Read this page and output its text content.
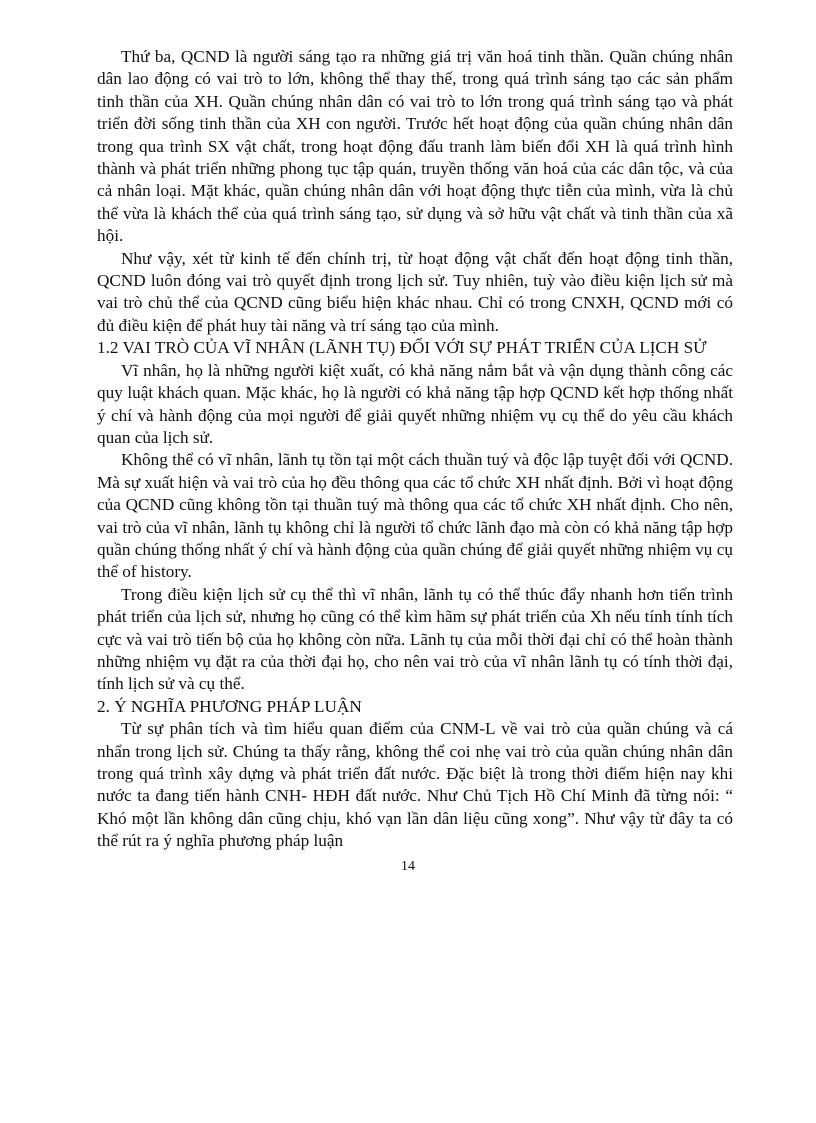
Thứ ba, QCND là người sáng tạo ra những giá trị văn hoá tinh thần. Quần chúng nhân dân lao động có vai trò to lớn, không thể thay thế, trong quá trình sáng tạo các sản phẩm tinh thần của XH. Quần chúng nhân dân có vai trò to lớn trong quá trình sáng tạo và phát triển đời sống tinh thần của XH con người. Trước hết hoạt động của quần chúng nhân dân trong qua trình SX vật chất, trong hoạt động đấu tranh làm biến đổi XH là quá trình hình thành và phát triển những phong tục tập quán, truyền thống văn hoá của các dân tộc, và của cả nhân loại. Mặt khác, quần chúng nhân dân với hoạt động thực tiễn của mình, vừa là chủ thể vừa là khách thể của quá trình sáng tạo, sử dụng và sở hữu vật chất và tinh thần của xã hội.

Như vậy, xét từ kinh tế đến chính trị, từ hoạt động vật chất đến hoạt động tinh thần, QCND luôn đóng vai trò quyết định trong lịch sử. Tuy nhiên, tuỳ vào điều kiện lịch sử mà vai trò chủ thể của QCND cũng biểu hiện khác nhau. Chỉ có trong CNXH, QCND mới có đủ điều kiện để phát huy tài năng và trí sáng tạo của mình.

1.2 VAI TRÒ CỦA VĨ NHÂN (LÃNH TỤ) ĐỐI VỚI SỰ PHÁT TRIỂN CỦA LỊCH SỬ

Vĩ nhân, họ là những người kiệt xuất, có khả năng nắm bắt và vận dụng thành công các quy luật khách quan. Mặc khác, họ là người có khả năng tập hợp QCND kết hợp thống nhất ý chí và hành động của mọi người để giải quyết những nhiệm vụ cụ thể do yêu cầu khách quan của lịch sử.

Không thể có vĩ nhân, lãnh tụ tồn tại một cách thuần tuý và độc lập tuyệt đối với QCND. Mà sự xuất hiện và vai trò của họ đều thông qua các tổ chức XH nhất định. Bởi vì hoạt động của QCND cũng không tồn tại thuần tuý mà thông qua các tổ chức XH nhất định. Cho nên, vai trò của vĩ nhân, lãnh tụ không chỉ là người tổ chức lãnh đạo mà còn có khả năng tập hợp quần chúng thống nhất ý chí và hành động của quần chúng để giải quyết những nhiệm vụ cụ thể of history.

Trong điều kiện lịch sử cụ thể thì vĩ nhân, lãnh tụ có thể thúc đẩy nhanh hơn tiến trình phát triển của lịch sử, nhưng họ cũng có thể kìm hãm sự phát triển của Xh nếu tính tính tích cực và vai trò tiến bộ của họ không còn nữa. Lãnh tụ của mỗi thời đại chỉ có thể hoàn thành những nhiệm vụ đặt ra của thời đại họ, cho nên vai trò của vĩ nhân lãnh tụ có tính thời đại, tính lịch sử và cụ thể.

2. Ý NGHĨA PHƯƠNG PHÁP LUẬN

Từ sự phân tích và tìm hiểu quan điểm của CNM-L về vai trò của quần chúng và cá nhẩn trong lịch sử. Chúng ta thấy rằng, không thể coi nhẹ vai trò của quần chúng nhân dân trong quá trình xây dựng và phát triển đất nước. Đặc biệt là trong thời điểm hiện nay khi nước ta đang tiến hành CNH- HĐH đất nước. Như Chủ Tịch Hồ Chí Minh đã từng nói: “ Khó một lần không dân cũng chịu, khó vạn lần dân liệu cũng xong”. Như vậy từ đây ta có thể rút ra ý nghĩa phương pháp luận

14
